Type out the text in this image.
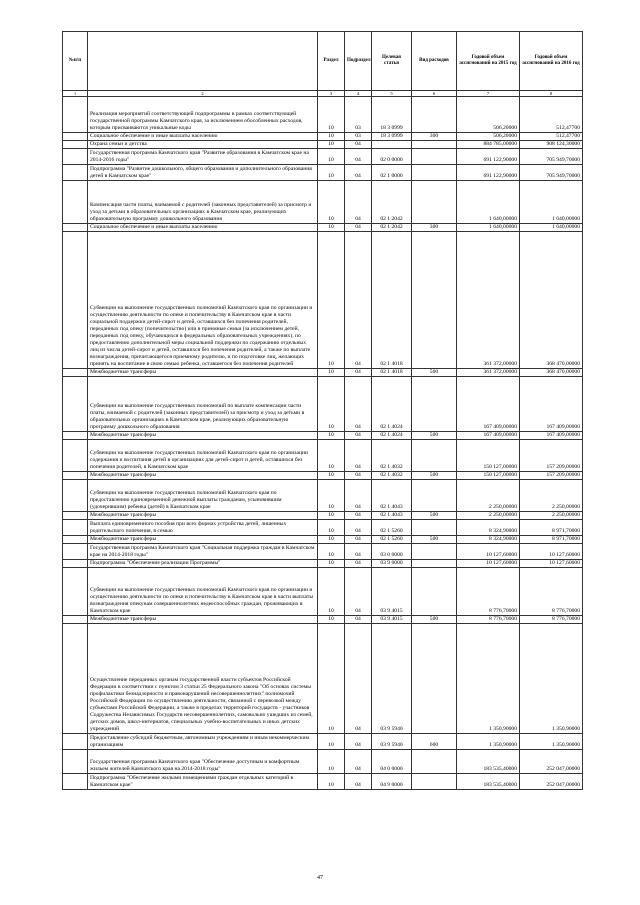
№п/п		Раздел	Подраздел	Целевая статья	Вид расходов	Годовой объем ассигнований на 2015 год	Годовой объем ассигнований на 2016 год
1	2	3	4	5	6	7	8
	Реализация мероприятий соответствующей подпрограммы в рамках соответствующей государственной программы Камчатского края, за исключением обособленных расходов, которым присваиваются уникальные коды	10	03	18 3 0999		506,20000	512,47700
	Социальное обеспечение и иные выплаты населению	10	03	18 3 0999	300	506,20000	512,47700
	Охрана семьи и детства	10	04			884 785,00000	908 124,30000
	Государственная программа Камчатского края "Развитие образования в Камчатском крае на 2014-2016 годы"	10	04	02 0 0000		691 122,90000	705 949,70000
	Подпрограмма "Развитие дошкольного, общего образования и дополнительного образования детей в Камчатском крае"	10	04	02 1 0000		691 122,90000	705 949,70000
	Компенсация части платы, взимаемой с родителей (законных представителей) за присмотр и уход за детьми в образовательных организациях в Камчатском крае, реализующих образовательную программу дошкольного образования	10	04	02 1 2042		1 640,00000	1 640,00000
	Социальное обеспечение и иные выплаты населению	10	04	02 1 2042	300	1 640,00000	1 640,00000
	Субвенции на выполнение государственных полномочий Камчатского края по организации и осуществлению деятельности по опеке и попечительству в Камчатском крае в части социальной поддержки детей-сирот и детей, оставшихся без попечения родителей, переданных под опеку (попечительство) или в приемные семьи (за исключением детей, переданных под опеку, обучающихся в федеральных образовательных учреждениях), по предоставлению дополнительной меры социальной поддержки по содержанию отдельных лиц из числа детей-сирот и детей, оставшихся без попечения родителей, а также по выплате вознаграждения, причитающегося приемному родителю, и по подготовке лиц, желающих принять на воспитание в свою семью ребенка, оставшегося без попечения родителей	10	04	02 1 4018		361 372,00000	368 470,00000
	Межбюджетные трансферы	10	04	02 1 4018	500	361 372,00000	368 470,00000
	Субвенции на выполнение государственных полномочий по выплате компенсации части платы, взимаемой с родителей (законных представителей) за присмотр и уход за детьми в образовательных организациях в Камчатском крае, реализующих образовательную программу дошкольного образования	10	04	02 1 4024		167 409,00000	167 409,00000
	Межбюджетные трансферы	10	04	02 1 4024	500	167 409,00000	167 409,00000
	Субвенции на выполнение государственных полномочий Камчатского края по организации содержания и воспитания детей в организациях для детей-сирот и детей, оставшихся без попечения родителей, в Камчатском крае	10	04	02 1 4032		150 127,00000	157 209,00000
	Межбюджетные трансферы	10	04	02 1 4032	500	150 127,00000	157 209,00000
	Субвенции на выполнение государственных полномочий Камчатского края по предоставлению единовременной денежной выплаты гражданам, усыновившим (удочерившим) ребенка (детей) в Камчатском крае	10	04	02 1 4043		2 250,00000	2 250,00000
	Межбюджетные трансферы	10	04	02 1 4043	500	2 250,00000	2 250,00000
	Выплата единовременного пособия при всех формах устройства детей, лишенных родительского попечения, в семью	10	04	02 1 5260		8 324,90000	8 971,70000
	Межбюджетные трансферы	10	04	02 1 5260	500	8 324,90000	8 971,70000
	Государственная программа Камчатского края "Социальная поддержка граждан в Камчатском крае на 2014-2018 годы"	10	04	03 0 0000		10 127,60000	10 127,60000
	Подпрограмма "Обеспечение реализации Программы"	10	04	03 9 0000		10 127,60000	10 127,60000
	Субвенции на выполнение государственных полномочий Камчатского края по организации и осуществлению деятельности по опеке и попечительству в Камчатском крае в части выплаты вознаграждения опекунам совершеннолетних недееспособных граждан, проживающих в Камчатском крае	10	04	03 9 4015		8 776,70000	8 776,70000
	Межбюджетные трансферы	10	04	03 9 4015	500	8 776,70000	8 776,70000
	Осуществление переданных органам государственной власти субъектов Российской Федерации в соответствии с пунктом 3 статьи 25 Федерального закона "Об основах системы профилактики безнадзорности и правонарушений несовершеннолетних" полномочий Российской Федерации по осуществлению деятельности, связанной с перевозкой между субъектами Российской Федерации, а также в пределах территорий государств - участников Содружества Независимых Государств несовершеннолетних, самовольно ушедших из семей, детских домов, школ-интернатов, специальных учебно-воспитательных и иных детских учреждений	10	04	03 9 5940		1 350,90000	1 350,90000
	Предоставление субсидий бюджетным, автономным учреждениям и иным некоммерческим организациям	10	04	03 9 5940	600	1 350,90000	1 350,90000
	Государственная программа Камчатского края "Обеспечение доступным и комфортным жильем жителей Камчатского края на 2014-2018 годы"	10	04	04 0 0000		183 535,40000	252 047,00000
	Подпрограмма "Обеспечение жилыми помещениями граждан отдельных категорий в Камчатском крае"	10	04	04 9 0000		183 535,40000	252 047,00000
47
